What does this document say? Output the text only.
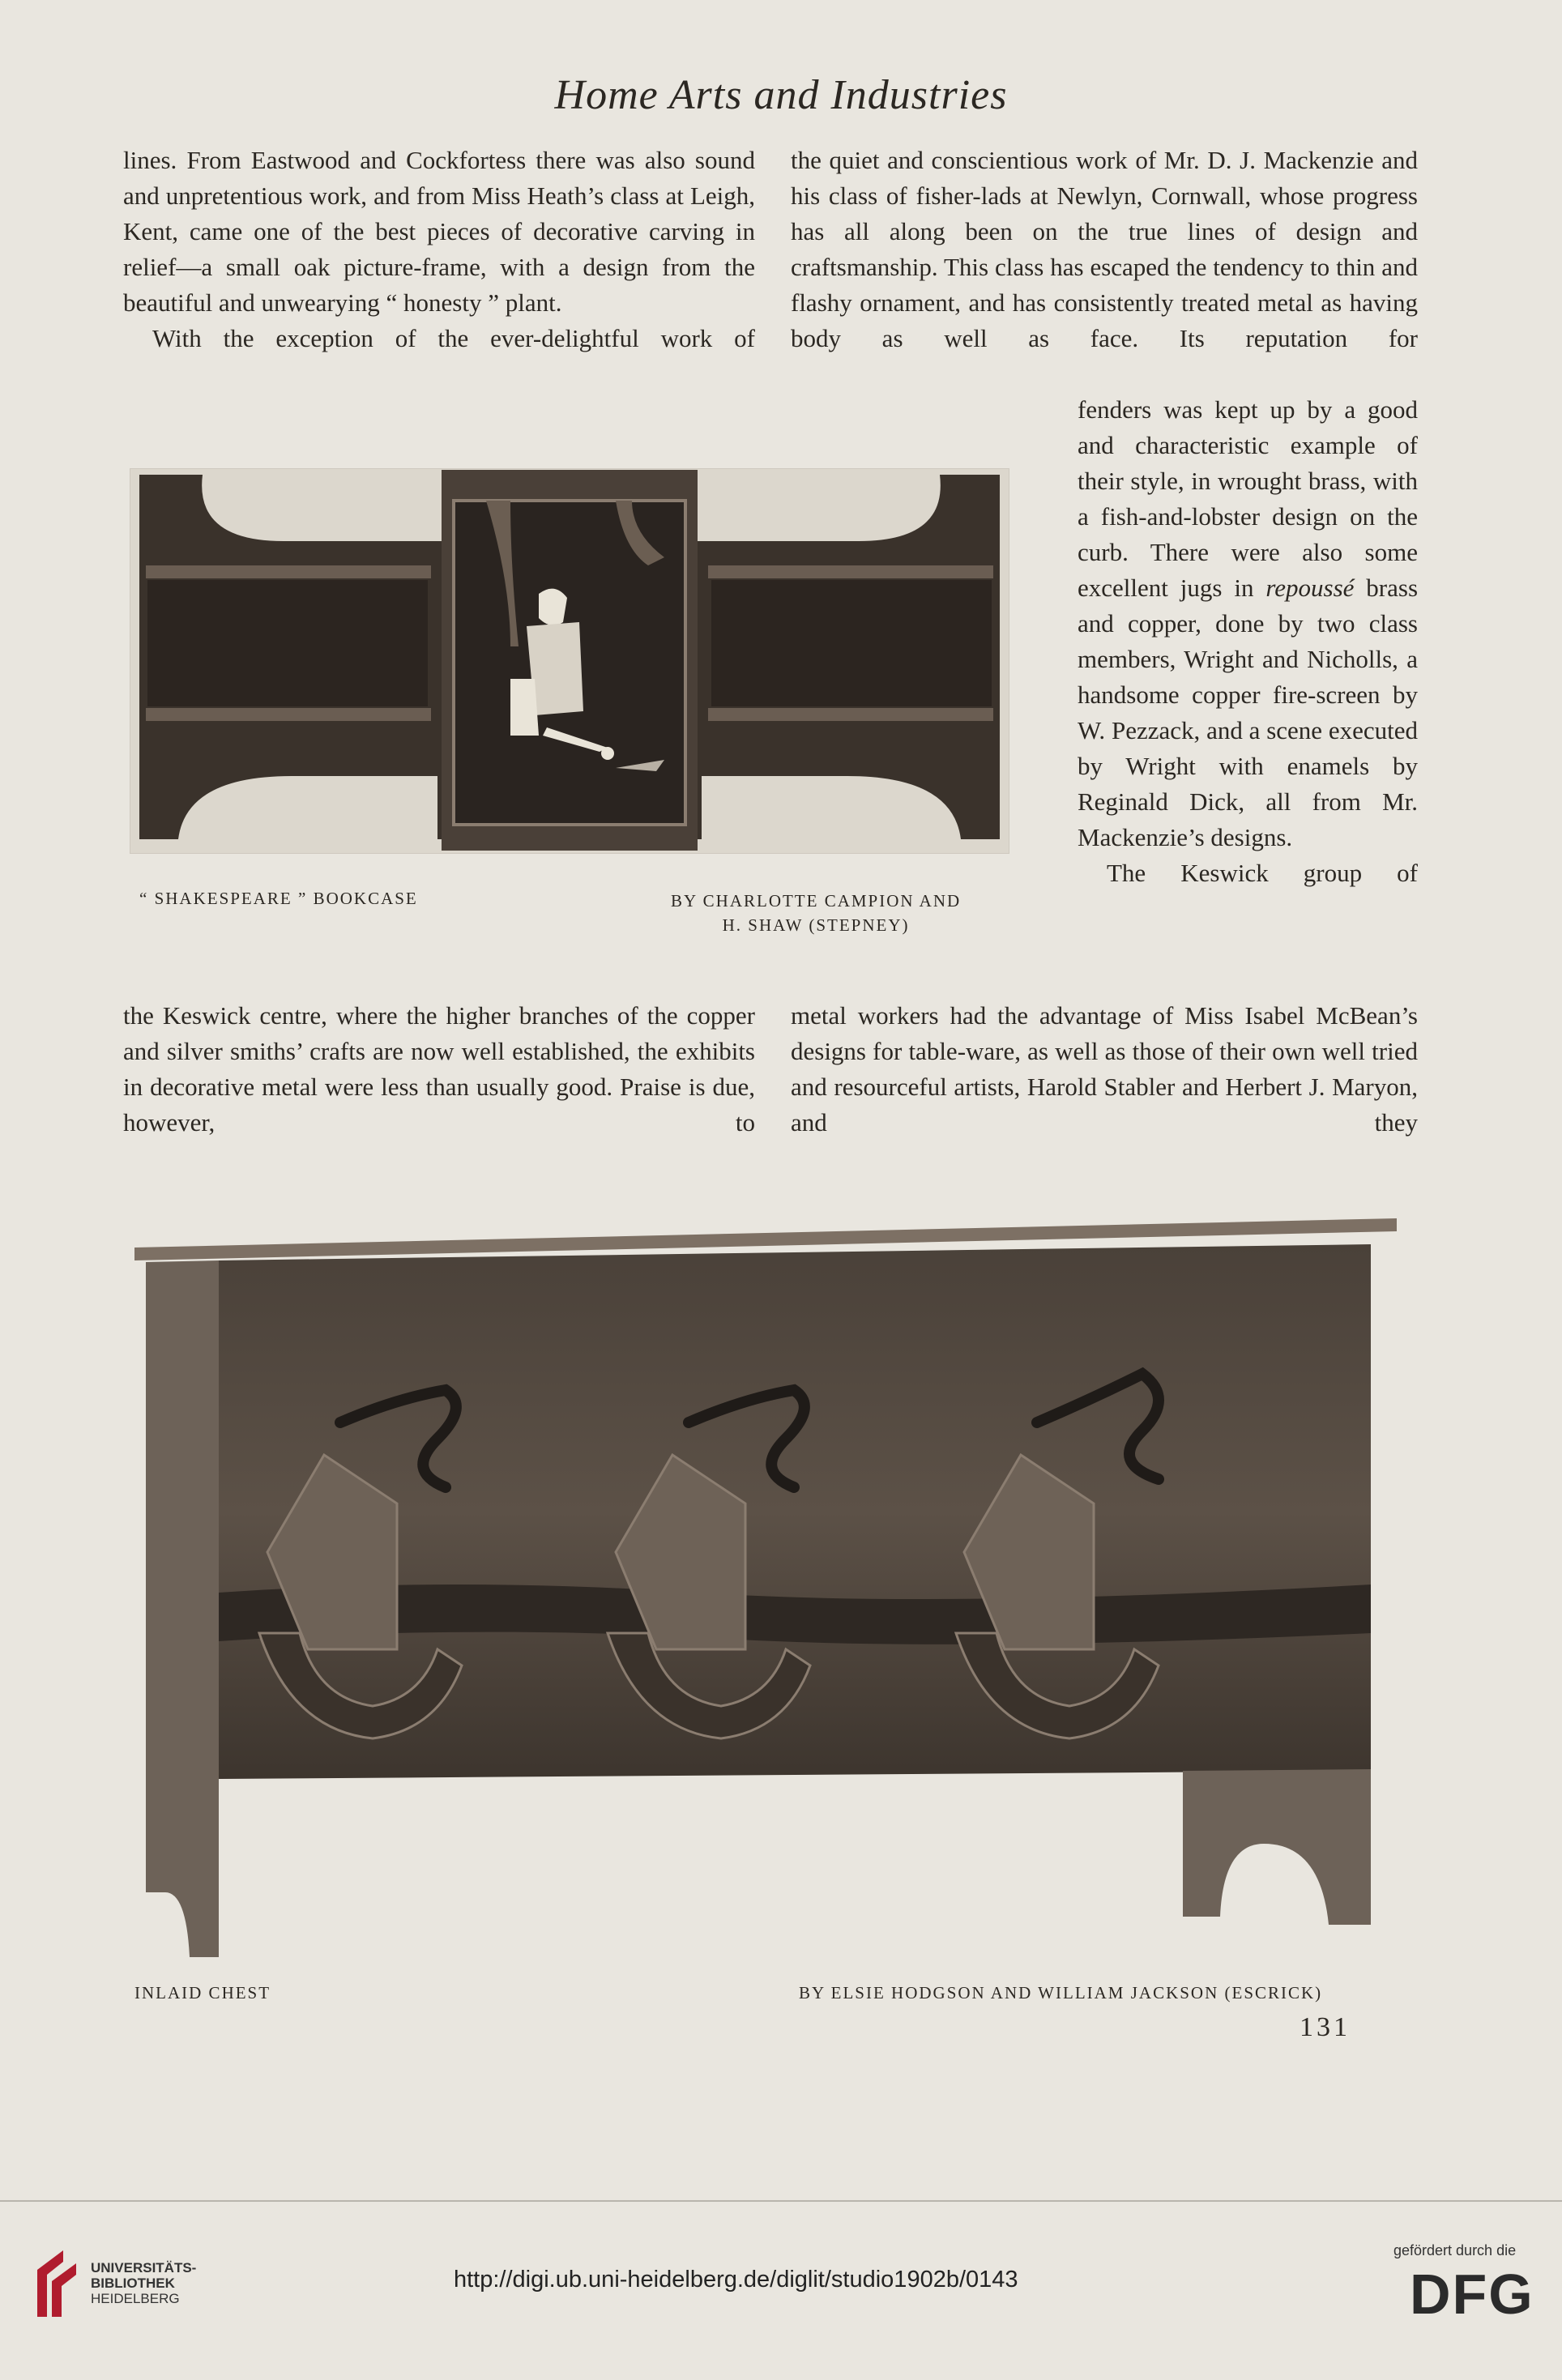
Home Arts and Industries

lines. From Eastwood and Cockfortess there was also sound and unpretentious work, and from Miss Heath’s class at Leigh, Kent, came one of the best pieces of decorative carving in relief—a small oak picture-frame, with a design from the beautiful and unwearying “ honesty ” plant.

With the exception of the ever-delightful work of

the quiet and conscientious work of Mr. D. J. Mackenzie and his class of fisher-lads at Newlyn, Cornwall, whose progress has all along been on the true lines of design and craftsmanship. This class has escaped the tendency to thin and flashy ornament, and has consistently treated metal as having body as well as face. Its reputation for

fenders was kept up by a good and characteristic example of their style, in wrought brass, with a fish-and-lobster design on the curb. There were also some excellent jugs in repoussé brass and copper, done by two class members, Wright and Nicholls, a handsome copper fire-screen by W. Pezzack, and a scene executed by Wright with enamels by Reginald Dick, all from Mr. Mackenzie’s designs.

The Keswick group of

“ SHAKESPEARE ” BOOKCASE	BY CHARLOTTE CAMPION AND
H. SHAW (STEPNEY)

the Keswick centre, where the higher branches of the copper and silver smiths’ crafts are now well established, the exhibits in decorative metal were less than usually good. Praise is due, however, to

metal workers had the advantage of Miss Isabel McBean’s designs for table-ware, as well as those of their own well tried and resourceful artists, Harold Stabler and Herbert J. Maryon, and they

INLAID CHEST	BY ELSIE HODGSON AND WILLIAM JACKSON (ESCRICK)
131
UNIVERSITÄTS-
BIBLIOTHEK
HEIDELBERG
http://digi.ub.uni-heidelberg.de/diglit/studio1902b/0143
gefördert durch die
DFG
